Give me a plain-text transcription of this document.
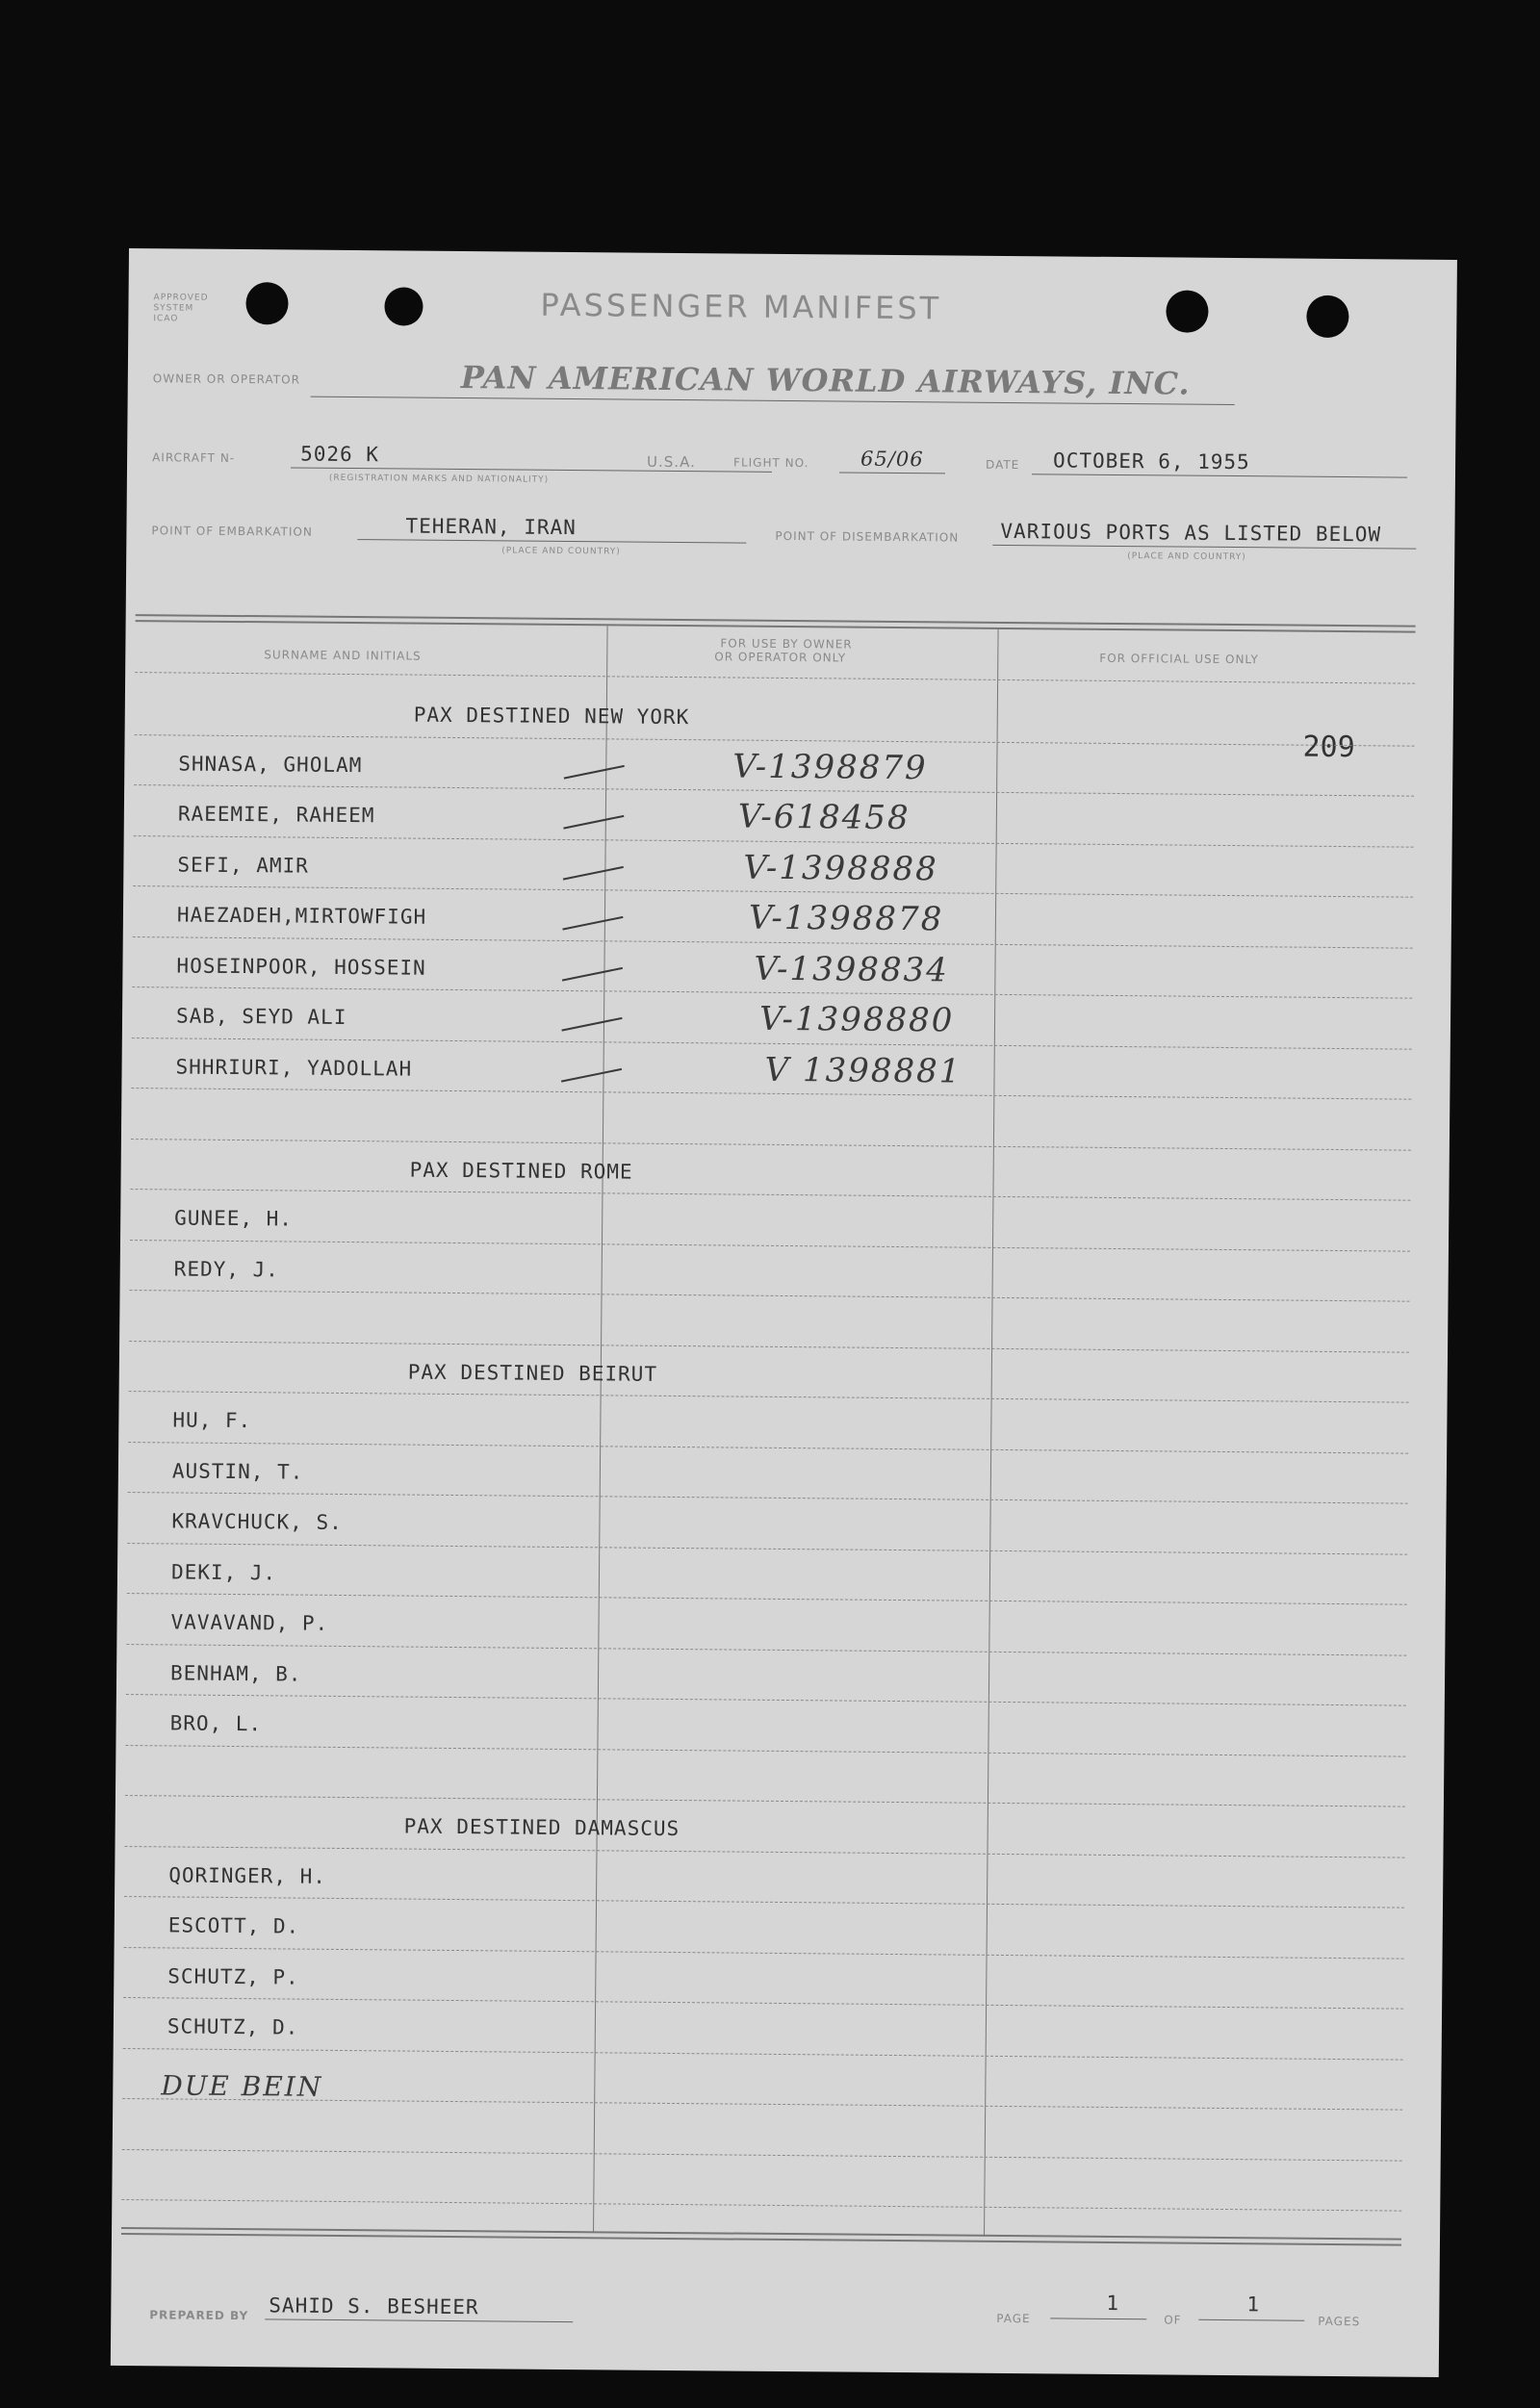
APPROVED SYSTEM ICAO	PASSENGER MANIFEST
OWNER OR OPERATOR	PAN AMERICAN WORLD AIRWAYS, INC.
AIRCRAFT N-	5026 K
(REGISTRATION MARKS AND NATIONALITY)
U.S.A.	FLIGHT NO.	65/06	DATE OCTOBER 6, 1955
POINT OF EMBARKATION	TEHERAN, IRAN
(PLACE AND COUNTRY)
POINT OF DISEMBARKATION VARIOUS PORTS AS LISTED BELOW
(PLACE AND COUNTRY)
SURNAME AND INITIALS
FOR USE BY OWNER
OR OPERATOR ONLY	FOR OFFICIAL USE ONLY
209
PAX DESTINED NEW YORK
SHNASA, GHOLAM	V-1398879
RAEEMIE, RAHEEM	V-618458
SEFI, AMIR	V-1398888
HAEZADEH,MIRTOWFIGH	V-1398878
HOSEINPOOR, HOSSEIN	V-1398834
SAB, SEYD ALI	V-1398880
SHHRIURI, YADOLLAH	V 1398881
PAX DESTINED ROME
GUNEE, H.
REDY, J.
PAX DESTINED BEIRUT
HU, F.
AUSTIN, T.
KRAVCHUCK, S.
DEKI, J.
VAVAVAND, P.
BENHAM, B.
BRO, L.
PAX DESTINED DAMASCUS
QORINGER, H.
ESCOTT, D.
SCHUTZ, P.
SCHUTZ, D.
DUE BEIN
PREPARED BY SAHID S. BESHEER	PAGE
1
OF
1
PAGES
